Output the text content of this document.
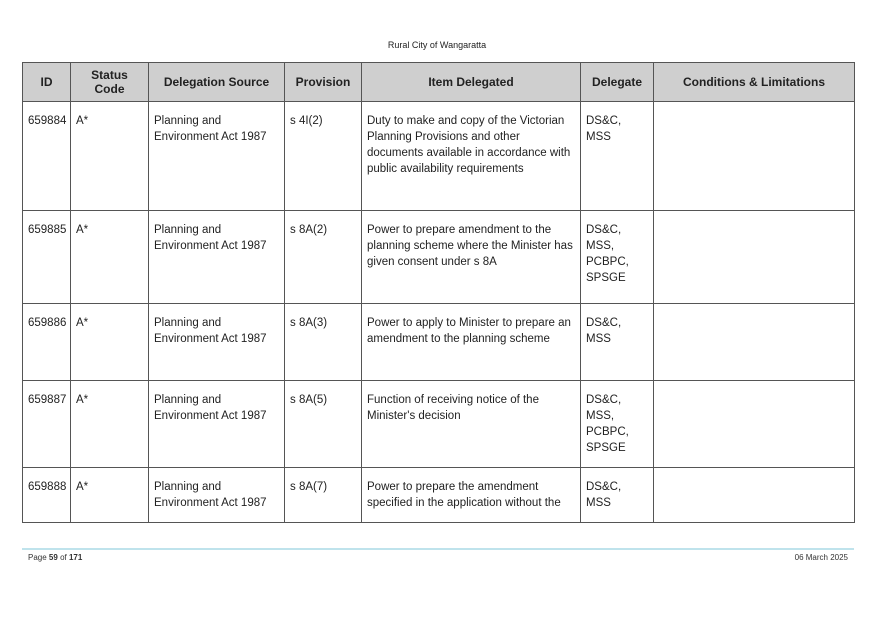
Rural City of Wangaratta
ID	Status Code	Delegation Source	Provision	Item Delegated	Delegate	Conditions & Limitations
659884	A*	Planning and Environment Act 1987	s 4I(2)	Duty to make and copy of the Victorian Planning Provisions and other documents available in accordance with public availability requirements	DS&C,
MSS	

659885	A*	Planning and Environment Act 1987	s 8A(2)	Power to prepare amendment to the planning scheme where the Minister has given consent under s 8A	DS&C,
MSS,
PCBPC,
SPSGE	

659886	A*	Planning and Environment Act 1987	s 8A(3)	Power to apply to Minister to prepare an amendment to the planning scheme	DS&C,
MSS	

659887	A*	Planning and Environment Act 1987	s 8A(5)	Function of receiving notice of the Minister's decision	DS&C,
MSS,
PCBPC,
SPSGE	

659888	A*	Planning and Environment Act 1987	s 8A(7)	Power to prepare the amendment specified in the application without the	DS&C,
MSS	

Page 59 of 171	06 March 2025
